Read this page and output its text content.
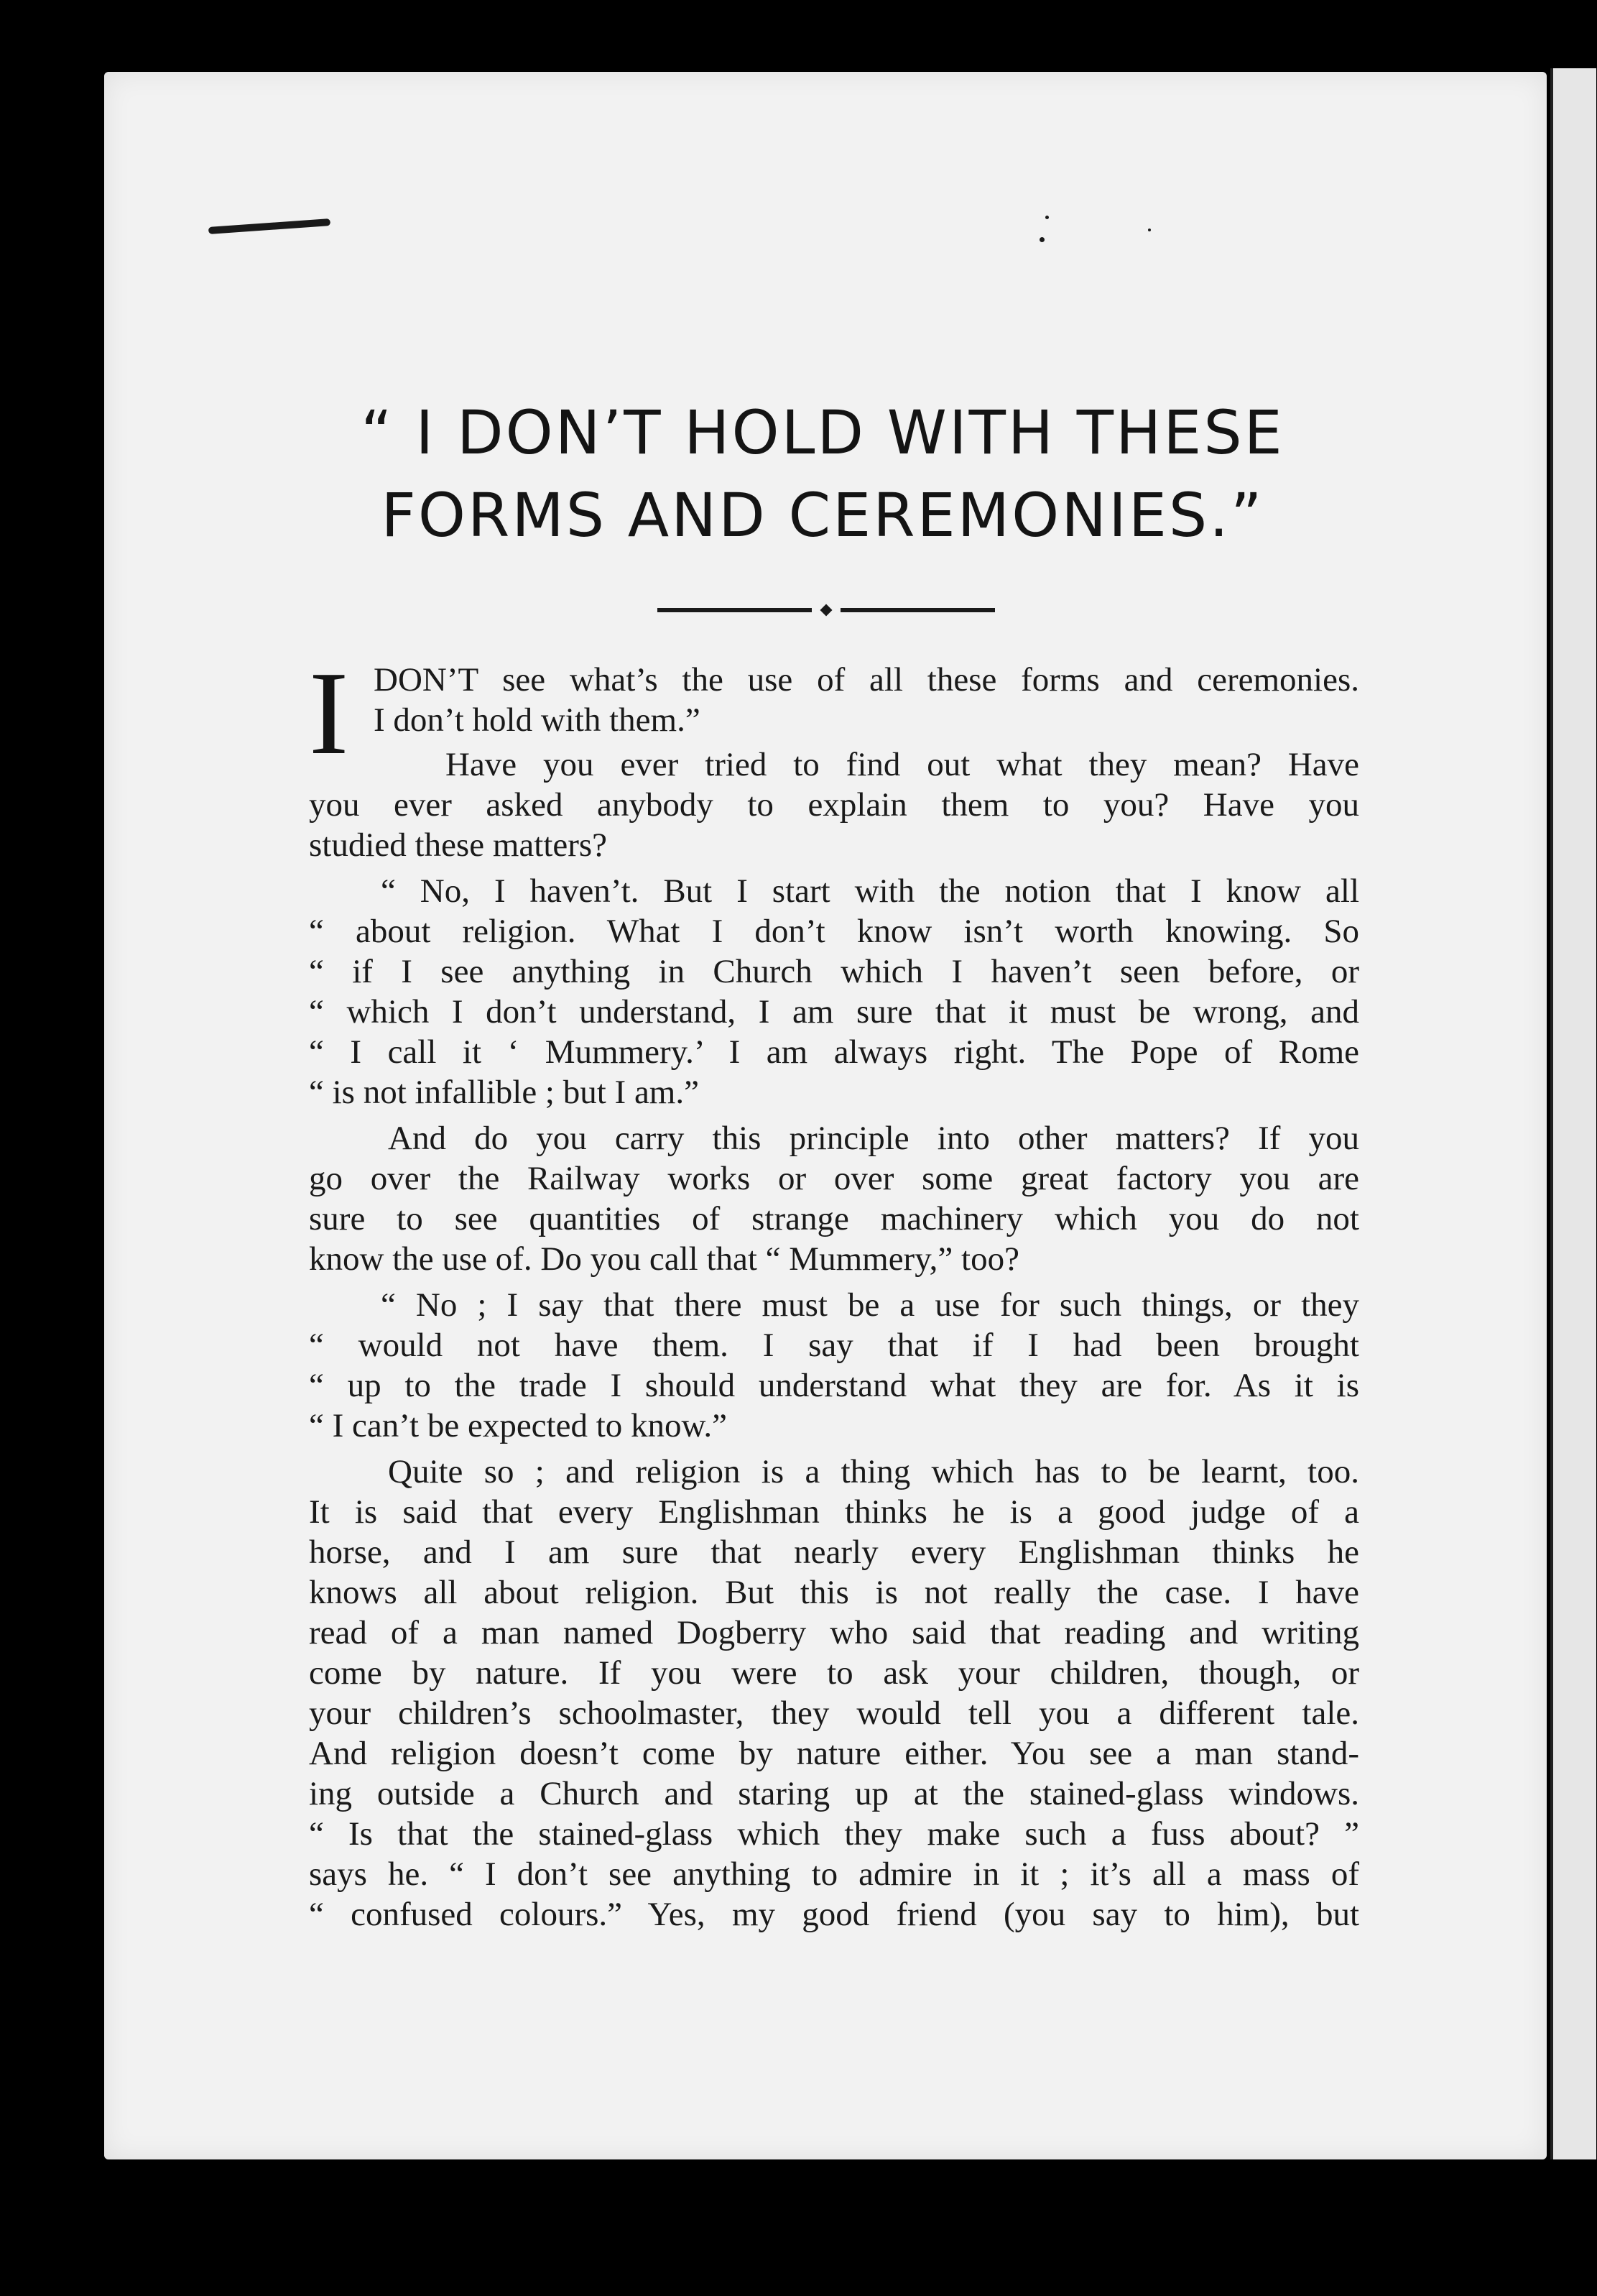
“ I DON’T HOLD WITH THESE
FORMS AND CEREMONIES.”
I DON’T see what’s the use of all these forms and ceremonies.
I don’t hold with them.”
Have you ever tried to find out what they mean? Have
you ever asked anybody to explain them to you? Have you
studied these matters?
“ No, I haven’t. But I start with the notion that I know all
“ about religion. What I don’t know isn’t worth knowing. So
“ if I see anything in Church which I haven’t seen before, or
“ which I don’t understand, I am sure that it must be wrong, and
“ I call it ‘ Mummery.’ I am always right. The Pope of Rome
“ is not infallible ; but I am.”
And do you carry this principle into other matters? If you
go over the Railway works or over some great factory you are
sure to see quantities of strange machinery which you do not
know the use of. Do you call that “ Mummery,” too?
“ No ; I say that there must be a use for such things, or they
“ would not have them. I say that if I had been brought
“ up to the trade I should understand what they are for. As it is
“ I can’t be expected to know.”
Quite so ; and religion is a thing which has to be learnt, too.
It is said that every Englishman thinks he is a good judge of a
horse, and I am sure that nearly every Englishman thinks he
knows all about religion. But this is not really the case. I have
read of a man named Dogberry who said that reading and writing
come by nature. If you were to ask your children, though, or
your children’s schoolmaster, they would tell you a different tale.
And religion doesn’t come by nature either. You see a man stand-
ing outside a Church and staring up at the stained-glass windows.
“ Is that the stained-glass which they make such a fuss about? ”
says he. “ I don’t see anything to admire in it ; it’s all a mass of
“ confused colours.” Yes, my good friend (you say to him), but
